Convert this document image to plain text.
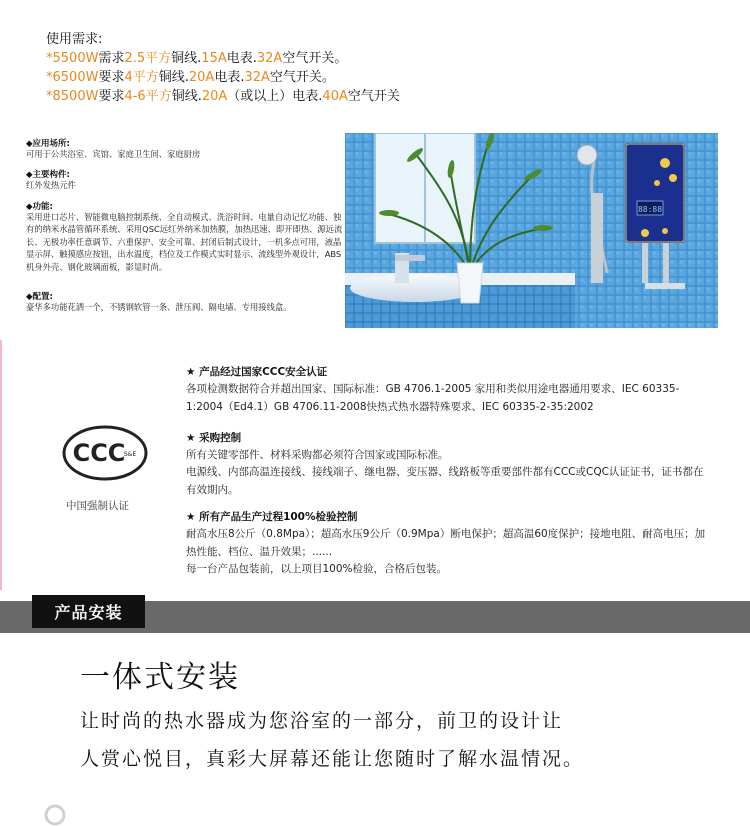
使用需求:
*5500W需求2.5平方铜线.15A电表.32A空气开关。
*6500W要求4平方铜线.20A电表.32A空气开关。
*8500W要求4-6平方铜线.20A（或以上）电表.40A空气开关
◆应用场所:
可用于公共浴室、宾馆、家庭卫生间、家庭厨房
◆主要构件:
红外发热元件
◆功能:
采用进口芯片、智能微电脑控制系统、全自动模式、洗浴时间、电量自动记忆功能、独有的纳米水晶管循环系统、采用QSC远红外纳米加热膜，加热迅速、即开即热、源远流长、无极功率任意调节、六重保护、安全可靠、封闭后制式设计，一机多点可用，液晶显示屏、触摸感应按钮，出水温度，档位及工作模式实时显示、流线型外观设计，ABS机身外壳、钢化玻璃面板，影显时尚。
◆配置:
豪华多功能花洒一个，不锈钢软管一条、泄压阀、隔电墙、专用接线盒。
88:88
CCC
S&E
中国强制认证
★ 产品经过国家CCC安全认证
各项检测数据符合并超出国家、国际标准：GB 4706.1-2005 家用和类似用途电器通用要求、IEC 60335-1:2004（Ed4.1）GB 4706.11-2008快热式热水器特殊要求、IEC 60335-2-35:2002
★ 采购控制
所有关键零部件、材料采购都必须符合国家或国际标准。
电源线、内部高温连接线、接线端子、继电器、变压器、线路板等重要部件都有CCC或CQC认证证书，证书都在有效期内。
★ 所有产品生产过程100%检验控制
耐高水压8公斤（0.8Mpa）；超高水压9公斤（0.9Mpa）断电保护；超高温60度保护；接地电阻、耐高电压；加热性能、档位、温升效果；......
每一台产品包装前，以上项目100%检验，合格后包装。
产品安装
一体式安装
让时尚的热水器成为您浴室的一部分，前卫的设计让
人赏心悦目，真彩大屏幕还能让您随时了解水温情况。
